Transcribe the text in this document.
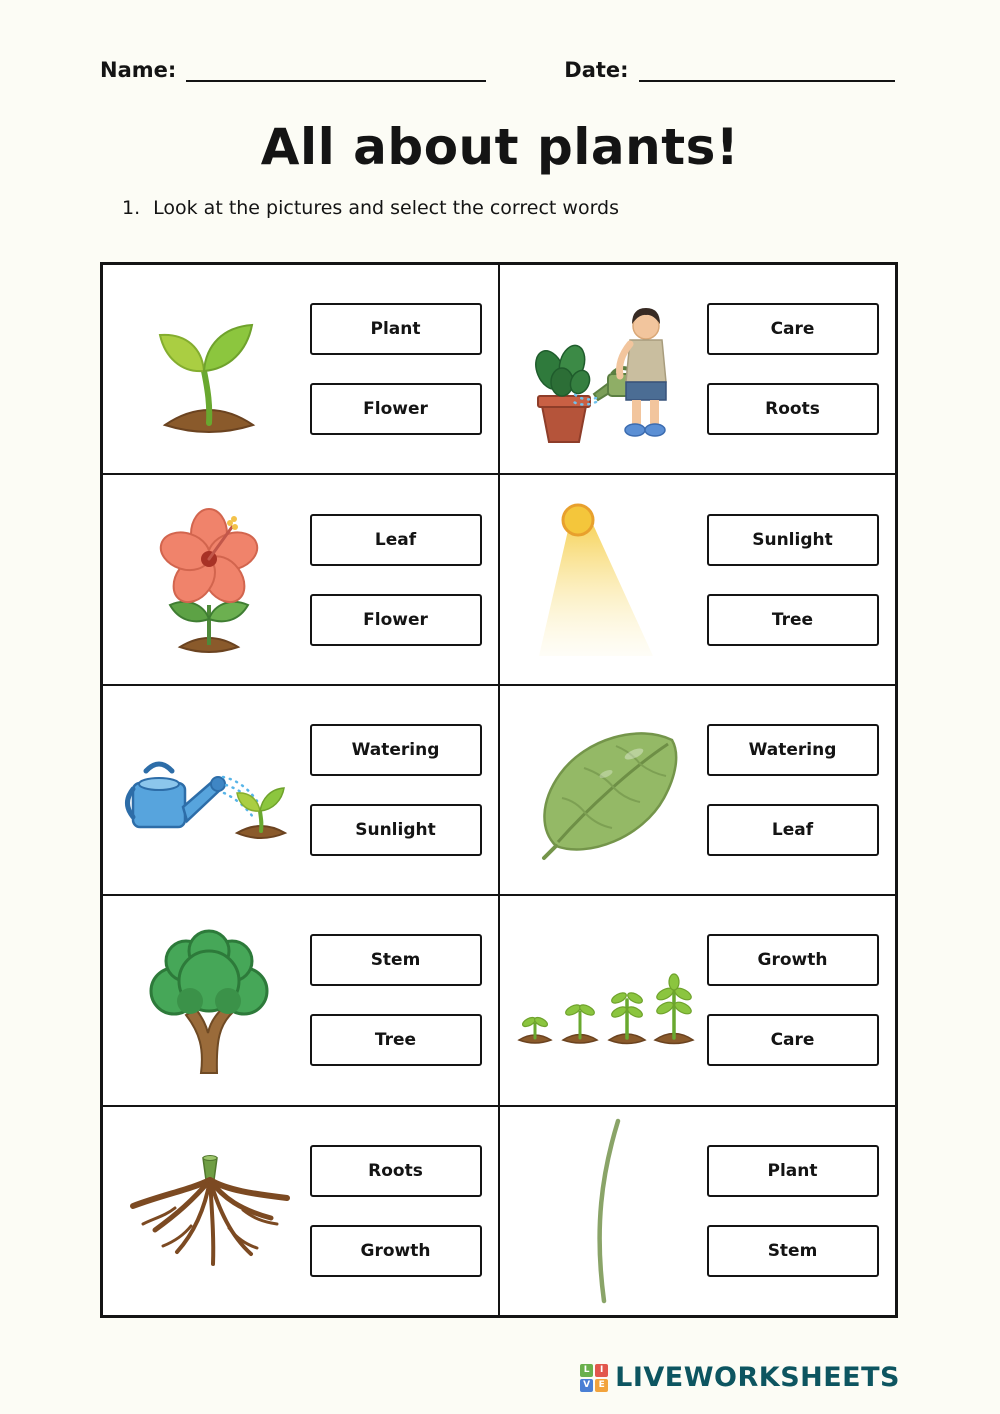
Name:	Date:
All about plants!
1. Look at the pictures and select the correct words
Plant
Flower
Care
Roots
Leaf
Flower
Sunlight
Tree
Watering
Sunlight
Watering
Leaf
Stem
Tree
Growth
Care
Roots
Growth
Plant
Stem
L	I
V E LIVEWORKSHEETS
